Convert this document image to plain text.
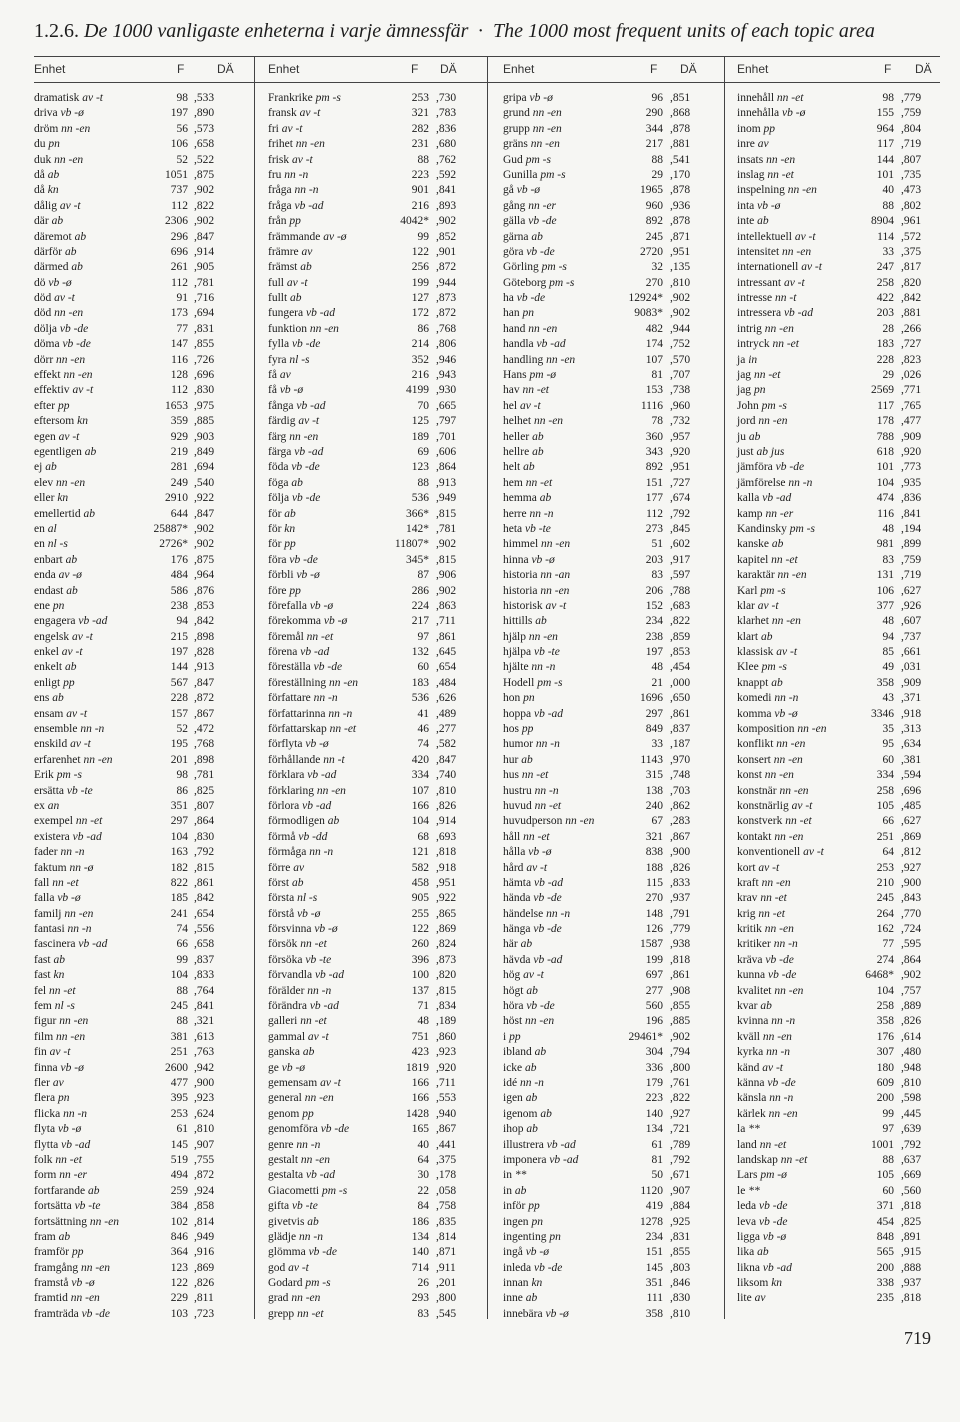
1.2.6. De 1000 vanligaste enheterna i varje ämnessfär · The 1000 most frequent units of each topic area
Enhet	F	DÄ
dramatisk av -t	98 ,533
driva vb -ø	197 ,890
dröm nn -en	56 ,573
du pn	106 ,658
duk nn -en	52 ,522
då ab	1051 ,875
då kn	737 ,902
dålig av -t	112 ,822
där ab	2306 ,902
däremot ab	296 ,847
därför ab	696 ,914
därmed ab	261 ,905
dö vb -ø	112 ,781
död av -t	91 ,716
död nn -en	173 ,694
dölja vb -de	77 ,831
döma vb -de	147 ,855
dörr nn -en	116 ,726
effekt nn -en	128 ,696
effektiv av -t	112 ,830
efter pp	1653 ,975
eftersom kn	359 ,885
egen av -t	929 ,903
egentligen ab	219 ,849
ej ab	281 ,694
elev nn -en	249 ,540
eller kn	2910 ,922
emellertid ab	644 ,847
en al	25887* ,902
en nl -s	2726* ,902
enbart ab	176 ,875
enda av -ø	484 ,964
endast ab	586 ,876
ene pn	238 ,853
engagera vb -ad	94 ,842
engelsk av -t	215 ,898
enkel av -t	197 ,828
enkelt ab	144 ,913
enligt pp	567 ,847
ens ab	228 ,872
ensam av -t	157 ,867
ensemble nn -n	52 ,472
enskild av -t	195 ,768
erfarenhet nn -en	201 ,898
Erik pm -s	98 ,781
ersätta vb -te	86 ,825
ex an	351 ,807
exempel nn -et	297 ,864
existera vb -ad	104 ,830
fader nn -n	163 ,792
faktum nn -ø	182 ,815
fall nn -et	822 ,861
falla vb -ø	185 ,842
familj nn -en	241 ,654
fantasi nn -n	74 ,556
fascinera vb -ad	66 ,658
fast ab	99 ,837
fast kn	104 ,833
fel nn -et	88 ,764
fem nl -s	245 ,841
figur nn -en	88 ,321
film nn -en	381 ,613
fin av -t	251 ,763
finna vb -ø	2600 ,942
fler av	477 ,900
flera pn	395 ,923
flicka nn -n	253 ,624
flyta vb -ø	61 ,810
flytta vb -ad	145 ,907
folk nn -et	519 ,755
form nn -er	494 ,872
fortfarande ab	259 ,924
fortsätta vb -te	384 ,858
fortsättning nn -en	102 ,814
fram ab	846 ,949
framför pp	364 ,916
framgång nn -en	123 ,869
framstå vb -ø	122 ,826
framtid nn -en	229 ,811
framträda vb -de	103 ,723
Enhet	F DÄ
Frankrike pm -s	253 ,730
fransk av -t	321 ,783
fri av -t	282 ,836
frihet nn -en	231 ,680
frisk av -t	88 ,762
fru nn -n	223 ,592
fråga nn -n	901 ,841
fråga vb -ad	216 ,893
från pp	4042* ,902
främmande av -ø	99 ,852
främre av	122 ,901
främst ab	256 ,872
full av -t	199 ,944
fullt ab	127 ,873
fungera vb -ad	172 ,872
funktion nn -en	86 ,768
fylla vb -de	214 ,806
fyra nl -s	352 ,946
få av	216 ,943
få vb -ø	4199 ,930
fånga vb -ad	70 ,665
färdig av -t	125 ,797
färg nn -en	189 ,701
färga vb -ad	69 ,606
föda vb -de	123 ,864
föga ab	88 ,913
följa vb -de	536 ,949
för ab	366* ,815
för kn	142* ,781
för pp	11807* ,902
föra vb -de	345* ,815
förbli vb -ø	87 ,906
före pp	286 ,902
förefalla vb -ø	224 ,863
förekomma vb -ø	217 ,711
föremål nn -et	97 ,861
förena vb -ad	132 ,645
föreställa vb -de	60 ,654
föreställning nn -en	183 ,484
författare nn -n	536 ,626
författarinna nn -n	41 ,489
författarskap nn -et	46 ,277
förflyta vb -ø	74 ,582
förhållande nn -t	420 ,847
förklara vb -ad	334 ,740
förklaring nn -en	107 ,810
förlora vb -ad	166 ,826
förmodligen ab	104 ,914
förmå vb -dd	68 ,693
förmåga nn -n	121 ,818
förre av	582 ,918
först ab	458 ,951
första nl -s	905 ,922
förstå vb -ø	255 ,865
försvinna vb -ø	122 ,869
försök nn -et	260 ,824
försöka vb -te	396 ,873
förvandla vb -ad	100 ,820
förälder nn -n	137 ,815
förändra vb -ad	71 ,834
galleri nn -et	48 ,189
gammal av -t	751 ,860
ganska ab	423 ,923
ge vb -ø	1819 ,920
gemensam av -t	166 ,711
general nn -en	166 ,553
genom pp	1428 ,940
genomföra vb -de	165 ,867
genre nn -n	40 ,441
gestalt nn -en	64 ,375
gestalta vb -ad	30 ,178
Giacometti pm -s	22 ,058
gifta vb -te	84 ,758
givetvis ab	186 ,835
glädje nn -n	134 ,814
glömma vb -de	140 ,871
god av -t	714 ,911
Godard pm -s	26 ,201
grad nn -en	293 ,800
grepp nn -et	83 ,545
Enhet	F DÄ
gripa vb -ø	96 ,851
grund nn -en	290 ,868
grupp nn -en	344 ,878
gräns nn -en	217 ,881
Gud pm -s	88 ,541
Gunilla pm -s	29 ,170
gå vb -ø	1965 ,878
gång nn -er	960 ,936
gälla vb -de	892 ,878
gärna ab	245 ,871
göra vb -de	2720 ,951
Görling pm -s	32 ,135
Göteborg pm -s	270 ,810
ha vb -de	12924* ,902
han pn	9083* ,902
hand nn -en	482 ,944
handla vb -ad	174 ,752
handling nn -en	107 ,570
Hans pm -ø	81 ,707
hav nn -et	153 ,738
hel av -t	1116 ,960
helhet nn -en	78 ,732
heller ab	360 ,957
hellre ab	343 ,920
helt ab	892 ,951
hem nn -et	151 ,727
hemma ab	177 ,674
herre nn -n	112 ,792
heta vb -te	273 ,845
himmel nn -en	51 ,602
hinna vb -ø	203 ,917
historia nn -an	83 ,597
historia nn -en	206 ,788
historisk av -t	152 ,683
hittills ab	234 ,822
hjälp nn -en	238 ,859
hjälpa vb -te	197 ,853
hjälte nn -n	48 ,454
Hodell pm -s	21 ,000
hon pn	1696 ,650
hoppa vb -ad	297 ,861
hos pp	849 ,837
humor nn -n	33 ,187
hur ab	1143 ,970
hus nn -et	315 ,748
hustru nn -n	138 ,703
huvud nn -et	240 ,862
huvudperson nn -en	67 ,283
håll nn -et	321 ,867
hålla vb -ø	838 ,900
hård av -t	188 ,826
hämta vb -ad	115 ,833
hända vb -de	270 ,937
händelse nn -n	148 ,791
hänga vb -de	126 ,779
här ab	1587 ,938
hävda vb -ad	199 ,818
hög av -t	697 ,861
högt ab	277 ,908
höra vb -de	560 ,855
höst nn -en	196 ,885
i pp	29461* ,902
ibland ab	304 ,794
icke ab	336 ,800
idé nn -n	179 ,761
igen ab	223 ,822
igenom ab	140 ,927
ihop ab	134 ,721
illustrera vb -ad	61 ,789
imponera vb -ad	81 ,792
in **	50 ,671
in ab	1120 ,907
inför pp	419 ,884
ingen pn	1278 ,925
ingenting pn	234 ,831
ingå vb -ø	151 ,855
inleda vb -de	145 ,803
innan kn	351 ,846
inne ab	111 ,830
innebära vb -ø	358 ,810
Enhet	F DÄ
innehåll nn -et	98 ,779
innehålla vb -ø	155 ,759
inom pp	964 ,804
inre av	117 ,719
insats nn -en	144 ,807
inslag nn -et	101 ,735
inspelning nn -en	40 ,473
inta vb -ø	88 ,802
inte ab	8904 ,961
intellektuell av -t	114 ,572
intensitet nn -en	33 ,375
internationell av -t	247 ,817
intressant av -t	258 ,820
intresse nn -t	422 ,842
intressera vb -ad	203 ,881
intrig nn -en	28 ,266
intryck nn -et	183 ,727
ja in	228 ,823
jag nn -et	29 ,026
jag pn	2569 ,771
John pm -s	117 ,765
jord nn -en	178 ,477
ju ab	788 ,909
just ab jus	618 ,920
jämföra vb -de	101 ,773
jämförelse nn -n	104 ,935
kalla vb -ad	474 ,836
kamp nn -er	116 ,841
Kandinsky pm -s	48 ,194
kanske ab	981 ,899
kapitel nn -et	83 ,759
karaktär nn -en	131 ,719
Karl pm -s	106 ,627
klar av -t	377 ,926
klarhet nn -en	48 ,607
klart ab	94 ,737
klassisk av -t	85 ,661
Klee pm -s	49 ,031
knappt ab	358 ,909
komedi nn -n	43 ,371
komma vb -ø	3346 ,918
komposition nn -en	35 ,313
konflikt nn -en	95 ,634
konsert nn -en	60 ,381
konst nn -en	334 ,594
konstnär nn -en	258 ,696
konstnärlig av -t	105 ,485
konstverk nn -et	66 ,627
kontakt nn -en	251 ,869
konventionell av -t	64 ,812
kort av -t	253 ,927
kraft nn -en	210 ,900
krav nn -et	245 ,843
krig nn -et	264 ,770
kritik nn -en	162 ,724
kritiker nn -n	77 ,595
kräva vb -de	274 ,864
kunna vb -de	6468* ,902
kvalitet nn -en	104 ,757
kvar ab	258 ,889
kvinna nn -n	358 ,826
kväll nn -en	176 ,614
kyrka nn -n	307 ,480
känd av -t	180 ,948
känna vb -de	609 ,810
känsla nn -n	200 ,598
kärlek nn -en	99 ,445
la **	97 ,639
land nn -et	1001 ,792
landskap nn -et	88 ,637
Lars pm -ø	105 ,669
le **	60 ,560
leda vb -de	371 ,818
leva vb -de	454 ,825
ligga vb -ø	848 ,891
lika ab	565 ,915
likna vb -ad	200 ,888
liksom kn	338 ,937
lite av	235 ,818
719
